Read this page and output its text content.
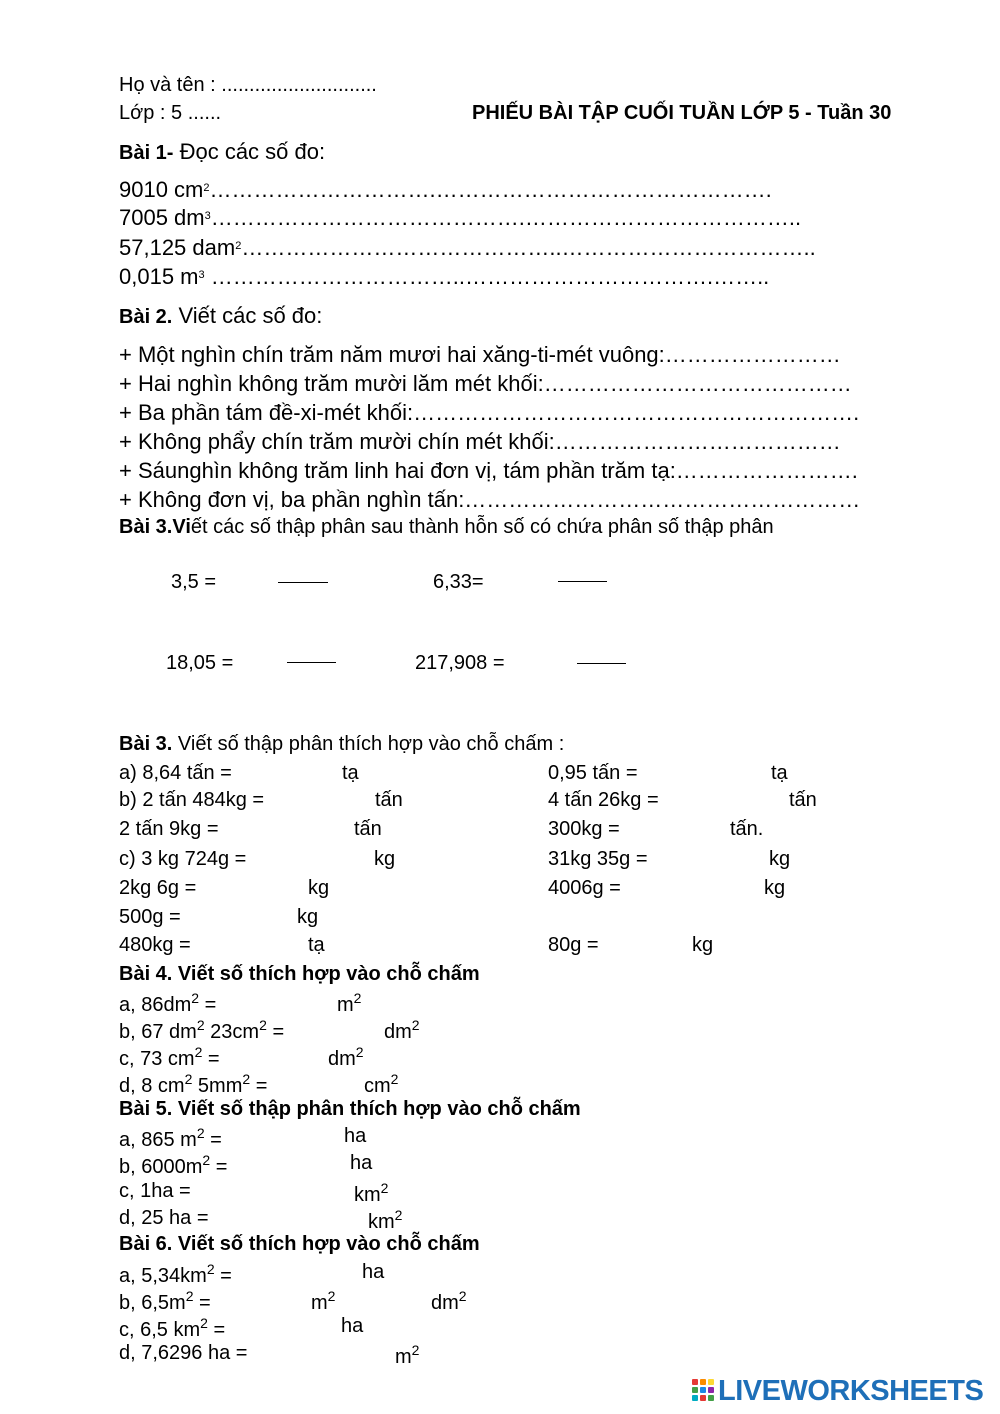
Họ và tên : ............................
Lớp : 5 ......	PHIẾU BÀI TẬP CUỐI TUẦN LỚP 5 - Tuần 30
Bài 1- Đọc các số đo:
9010 $cm^2\dots\dots\dots\dots\dots\dots\dots\dots\dots\dots.\dots\dots\dots\dots\dots\dots\dots\dots\dots\dots\dots\dots\dots\dots\dots$.
7005 $dm^3\dots\dots\dots\dots\dots\dots\dots\dots\dots\dots\dots\dots\dots\dots.\dots\dots\dots\dots\dots\dots\dots\dots\dots\dots\dots\dots$..
57,125 dam$^2$……………………………………..……………………………..
0,015 $m^3$ ……………………………..…………………………….……..
Bài 2. Viết các số đo:
+ Một nghìn chín trăm năm mươi hai xăng-ti-mét vuông:……………………
+ Hai nghìn không trăm mười lăm mét khối:……………………………………
+ Ba phần tám đề-xi-mét khối:…………………………………………………….
+ Không phẩy chín trăm mười chín mét khối:…………………………………
+ Sáunghìn không trăm linh hai đơn vị, tám phần trăm tạ:…………………….
+ Không đơn vị, ba phần nghìn tấn:………………………………………………
Bài 3.Viết các số thập phân sau thành hỗn số có chứa phân số thập phân
3,5 =	6,33=
18,05 =	217,908 =
Bài 3. Viết số thập phân thích hợp vào chỗ chấm :
a) 8,64 tấn =	tạ	0,95 tấn =	tạ
b) 2 tấn 484kg =	tấn	4 tấn 26kg =	tấn
2 tấn 9kg =	tấn	300kg =	tấn.
c) 3 kg 724g =	kg	31kg 35g =	kg
2kg 6g =	kg	4006g =	kg
500g =	kg
480kg =	tạ	80g =	kg
Bài 4. Viết số thích hợp vào chỗ chấm
a, $86dm^2$ =	$m^2$
b, 67 $dm^2$ $23cm^2$ =	$dm^2$
c, 73 $cm^2$ =	$dm^2$
d, 8 $cm^2$ $5mm^2$ =	$cm^2$
Bài 5. Viết số thập phân thích hợp vào chỗ chấm
a, 865 $m^2$ =	ha
b, $6000m^2$ =	ha
c, 1ha =	$km^2$
d, 25 ha =	$km^2$
Bài 6. Viết số thích hợp vào chỗ chấm
a, $5,34km^2$ =	ha
b, $6,5m^2$ =	$m^2$	$dm^2$
c, 6,5 $km^2$ =	ha
d, 7,6296 ha =	$m^2$
LIVEWORKSHEETS
